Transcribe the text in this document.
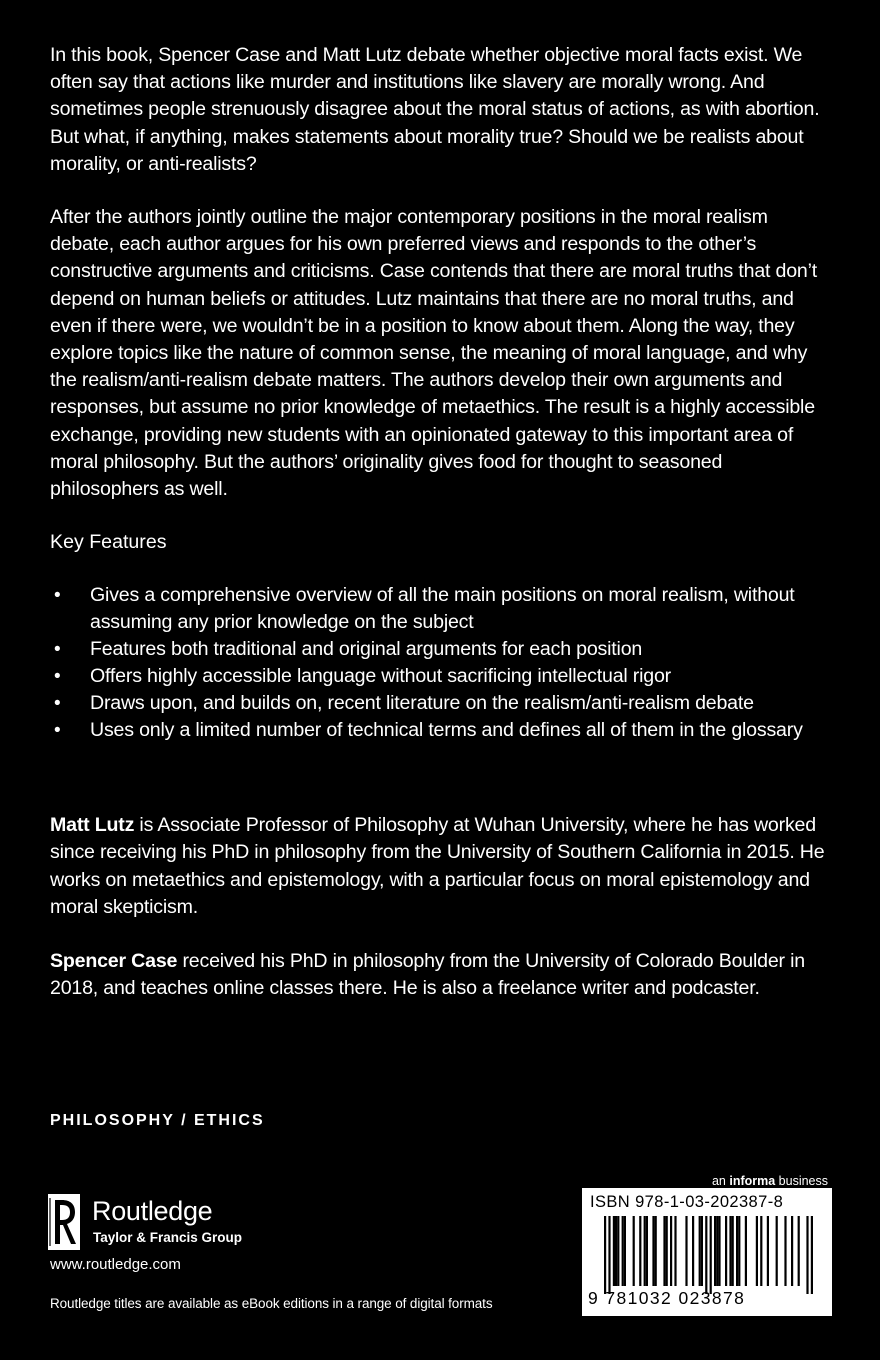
In this book, Spencer Case and Matt Lutz debate whether objective moral facts exist. We often say that actions like murder and institutions like slavery are morally wrong. And sometimes people strenuously disagree about the moral status of actions, as with abortion. But what, if anything, makes statements about morality true? Should we be realists about morality, or anti-realists?

After the authors jointly outline the major contemporary positions in the moral realism debate, each author argues for his own preferred views and responds to the other’s constructive arguments and criticisms. Case contends that there are moral truths that don’t depend on human beliefs or attitudes. Lutz maintains that there are no moral truths, and even if there were, we wouldn’t be in a position to know about them. Along the way, they explore topics like the nature of common sense, the meaning of moral language, and why the realism/anti-realism debate matters. The authors develop their own arguments and responses, but assume no prior knowledge of metaethics. The result is a highly accessible exchange, providing new students with an opinionated gateway to this important area of moral philosophy. But the authors’ originality gives food for thought to seasoned philosophers as well.

Key Features

• Gives a comprehensive overview of all the main positions on moral realism, without assuming any prior knowledge on the subject
• Features both traditional and original arguments for each position
• Offers highly accessible language without sacrificing intellectual rigor
• Draws upon, and builds on, recent literature on the realism/anti-realism debate
• Uses only a limited number of technical terms and defines all of them in the glossary

Matt Lutz is Associate Professor of Philosophy at Wuhan University, where he has worked since receiving his PhD in philosophy from the University of Southern California in 2015. He works on metaethics and epistemology, with a particular focus on moral epistemology and moral skepticism.

Spencer Case received his PhD in philosophy from the University of Colorado Boulder in 2018, and teaches online classes there. He is also a freelance writer and podcaster.

PHILOSOPHY / ETHICS
Routledge
Taylor & Francis Group
www.routledge.com
Routledge titles are available as eBook editions in a range of digital formats
an informa business
ISBN 978-1-03-202387-8
9 781032 023878
